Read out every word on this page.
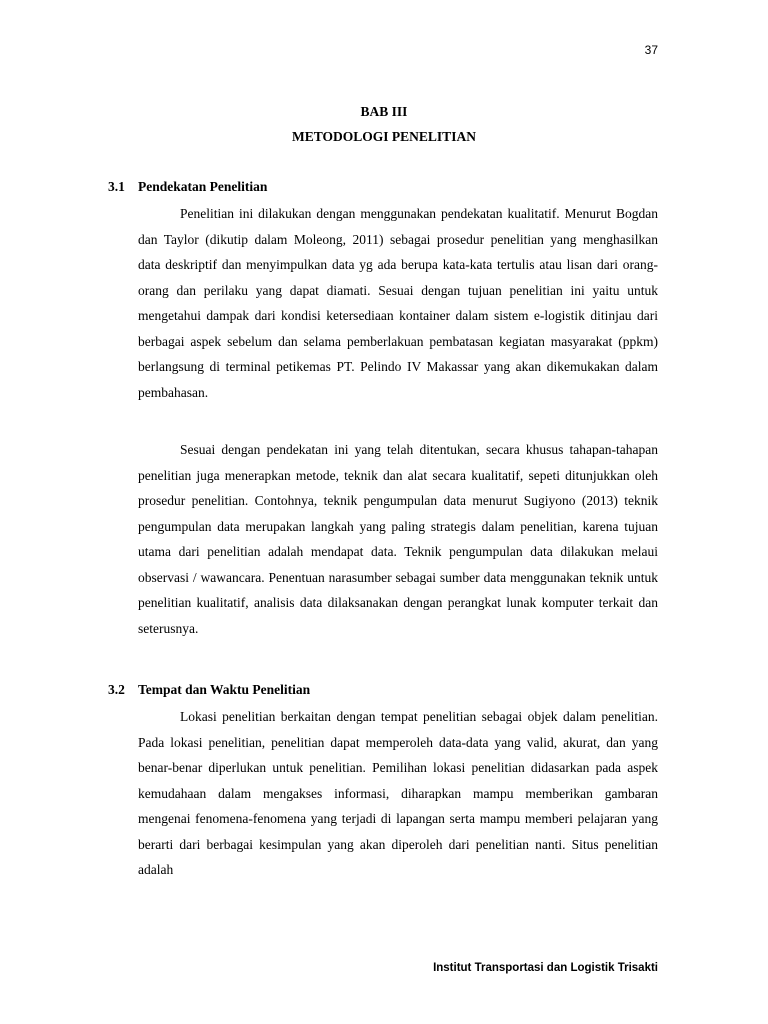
37
BAB III
METODOLOGI PENELITIAN
3.1 Pendekatan Penelitian

Penelitian ini dilakukan dengan menggunakan pendekatan kualitatif. Menurut Bogdan dan Taylor (dikutip dalam Moleong, 2011) sebagai prosedur penelitian yang menghasilkan data deskriptif dan menyimpulkan data yg ada berupa kata-kata tertulis atau lisan dari orang-orang dan perilaku yang dapat diamati. Sesuai dengan tujuan penelitian ini yaitu untuk mengetahui dampak dari kondisi ketersediaan kontainer dalam sistem e-logistik ditinjau dari berbagai aspek sebelum dan selama pemberlakuan pembatasan kegiatan masyarakat (ppkm) berlangsung di terminal petikemas PT. Pelindo IV Makassar yang akan dikemukakan dalam pembahasan.

Sesuai dengan pendekatan ini yang telah ditentukan, secara khusus tahapan-tahapan penelitian juga menerapkan metode, teknik dan alat secara kualitatif, sepeti ditunjukkan oleh prosedur penelitian. Contohnya, teknik pengumpulan data menurut Sugiyono (2013) teknik pengumpulan data merupakan langkah yang paling strategis dalam penelitian, karena tujuan utama dari penelitian adalah mendapat data. Teknik pengumpulan data dilakukan melaui observasi / wawancara. Penentuan narasumber sebagai sumber data menggunakan teknik untuk penelitian kualitatif, analisis data dilaksanakan dengan perangkat lunak komputer terkait dan seterusnya.

3.2 Tempat dan Waktu Penelitian

Lokasi penelitian berkaitan dengan tempat penelitian sebagai objek dalam penelitian. Pada lokasi penelitian, penelitian dapat memperoleh data-data yang valid, akurat, dan yang benar-benar diperlukan untuk penelitian. Pemilihan lokasi penelitian didasarkan pada aspek kemudahaan dalam mengakses informasi, diharapkan mampu memberikan gambaran mengenai fenomena-fenomena yang terjadi di lapangan serta mampu memberi pelajaran yang berarti dari berbagai kesimpulan yang akan diperoleh dari penelitian nanti. Situs penelitian adalah

Institut Transportasi dan Logistik Trisakti
